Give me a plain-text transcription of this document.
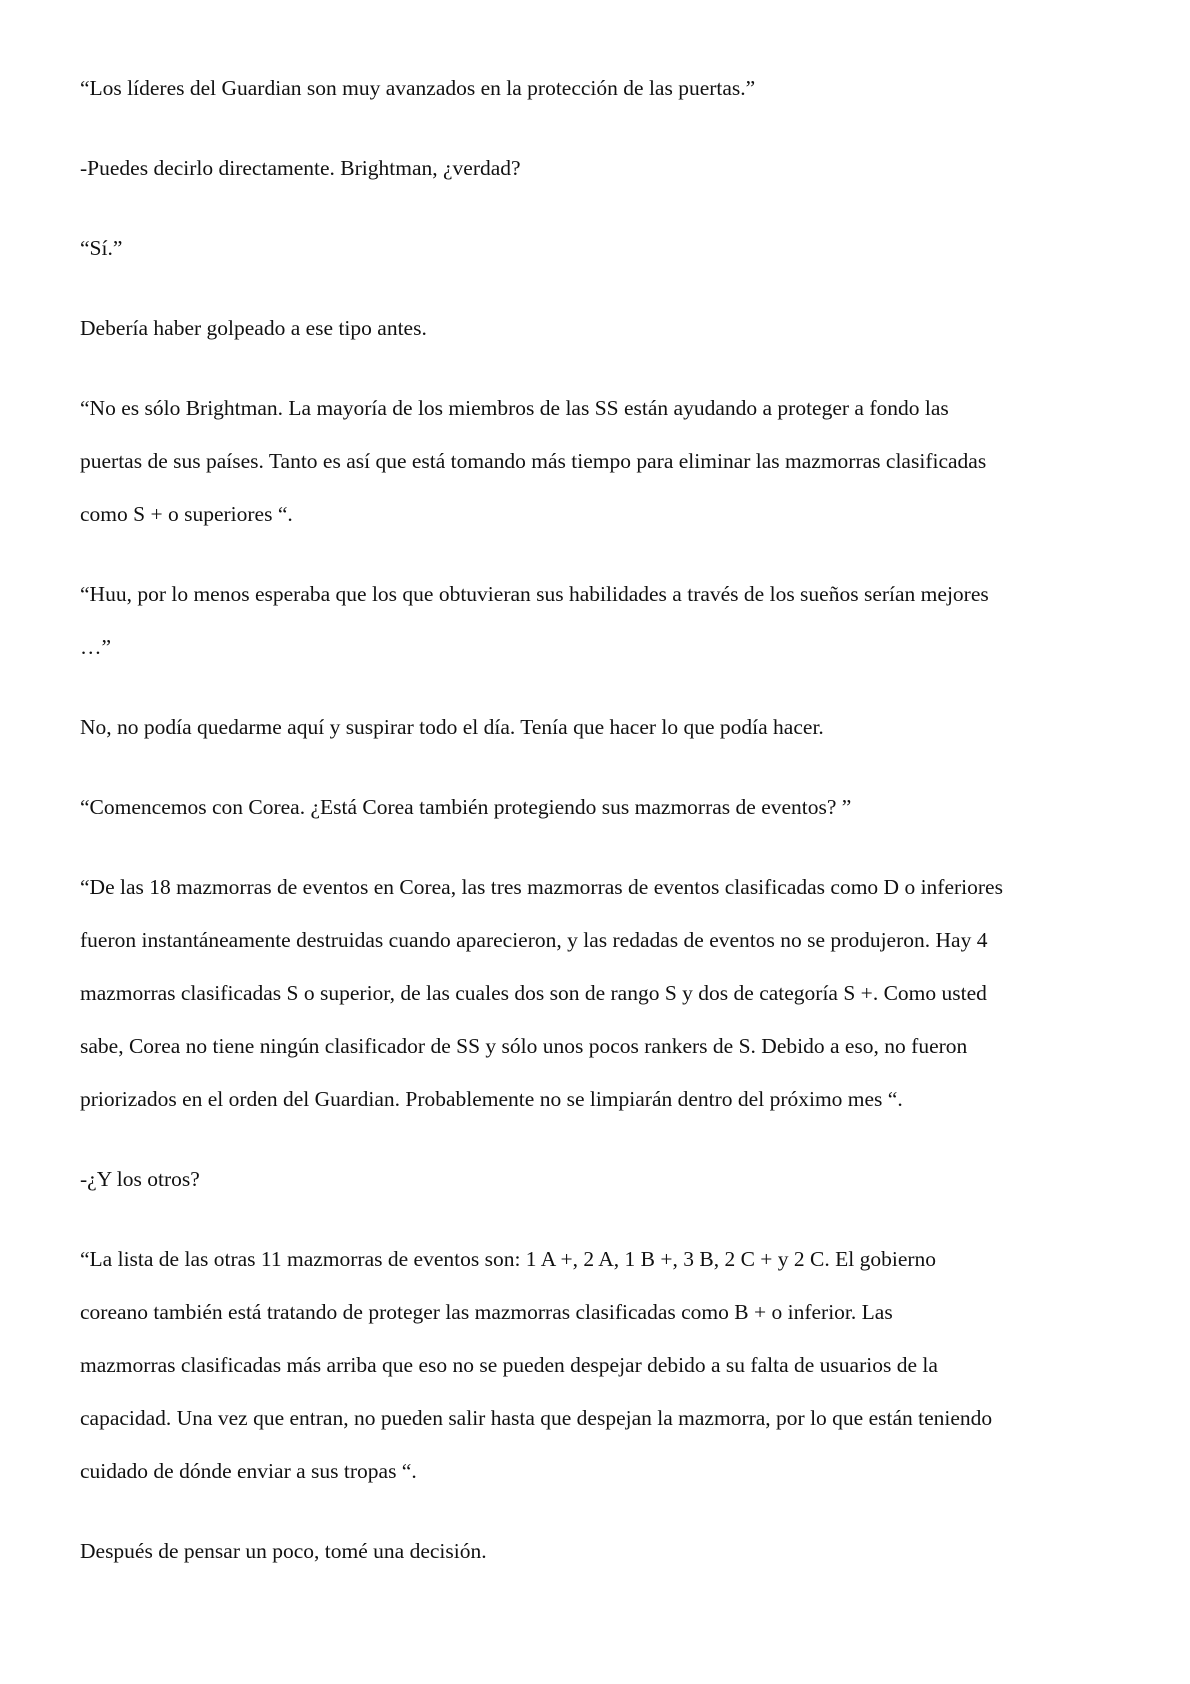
“Los líderes del Guardian son muy avanzados en la protección de las puertas.”

-Puedes decirlo directamente. Brightman, ¿verdad?

“Sí.”

Debería haber golpeado a ese tipo antes.

“No es sólo Brightman. La mayoría de los miembros de las SS están ayudando a proteger a fondo las
puertas de sus países. Tanto es así que está tomando más tiempo para eliminar las mazmorras clasificadas
como S + o superiores “.

“Huu, por lo menos esperaba que los que obtuvieran sus habilidades a través de los sueños serían mejores
…”

No, no podía quedarme aquí y suspirar todo el día. Tenía que hacer lo que podía hacer.

“Comencemos con Corea. ¿Está Corea también protegiendo sus mazmorras de eventos? ”

“De las 18 mazmorras de eventos en Corea, las tres mazmorras de eventos clasificadas como D o inferiores
fueron instantáneamente destruidas cuando aparecieron, y las redadas de eventos no se produjeron. Hay 4
mazmorras clasificadas S o superior, de las cuales dos son de rango S y dos de categoría S +. Como usted
sabe, Corea no tiene ningún clasificador de SS y sólo unos pocos rankers de S. Debido a eso, no fueron
priorizados en el orden del Guardian. Probablemente no se limpiarán dentro del próximo mes “.

-¿Y los otros?

“La lista de las otras 11 mazmorras de eventos son: 1 A +, 2 A, 1 B +, 3 B, 2 C + y 2 C. El gobierno
coreano también está tratando de proteger las mazmorras clasificadas como B + o inferior. Las
mazmorras clasificadas más arriba que eso no se pueden despejar debido a su falta de usuarios de la
capacidad. Una vez que entran, no pueden salir hasta que despejan la mazmorra, por lo que están teniendo
cuidado de dónde enviar a sus tropas “.

Después de pensar un poco, tomé una decisión.
